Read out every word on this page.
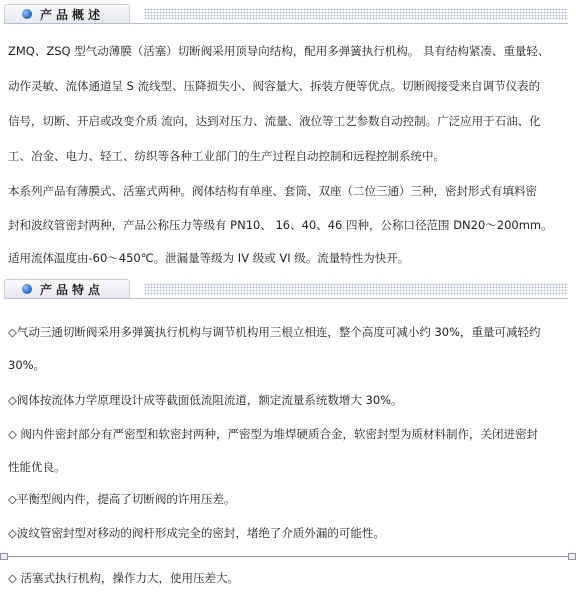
产品概述
ZMQ、ZSQ 型气动薄膜（活塞）切断阀采用顶导向结构，配用多弹簧执行机构。 具有结构紧凑、重量轻、
动作灵敏、流体通道呈 S 流线型、压降损失小、阀容量大、拆装方便等优点。切断阀接受来自调节仪表的
信号，切断、开启或改变介质 流向，达到对压力、流量、液位等工艺参数自动控制。广泛应用于石油、化
工、冶金、电力、轻工、纺织等各种工业部门的生产过程自动控制和远程控制系统中。
本系列产品有薄膜式、活塞式两种。阀体结构有单座、套筒、双座（二位三通）三种，密封形式有填料密
封和波纹管密封两种，产品公称压力等级有 PN10、 16、40、46 四种，公称口径范围 DN20～200mm。
适用流体温度由-60～450℃。泄漏量等级为 IV 级或 VI 级。流量特性为快开。
产品特点
◇气动三通切断阀采用多弹簧执行机构与调节机构用三根立相连，整个高度可减小约 30%，重量可减轻约
30%。
◇阀体按流体力学原理设计成等截面低流阻流道，额定流量系统数增大 30%。
◇ 阀内件密封部分有严密型和软密封两种，严密型为堆焊硬质合金，软密封型为质材料制作，关闭进密封
性能优良。
◇平衡型阀内件，提高了切断阀的许用压差。
◇波纹管密封型对移动的阀杆形成完全的密封，堵绝了介质外漏的可能性。
◇ 活塞式执行机构，操作力大，使用压差大。
